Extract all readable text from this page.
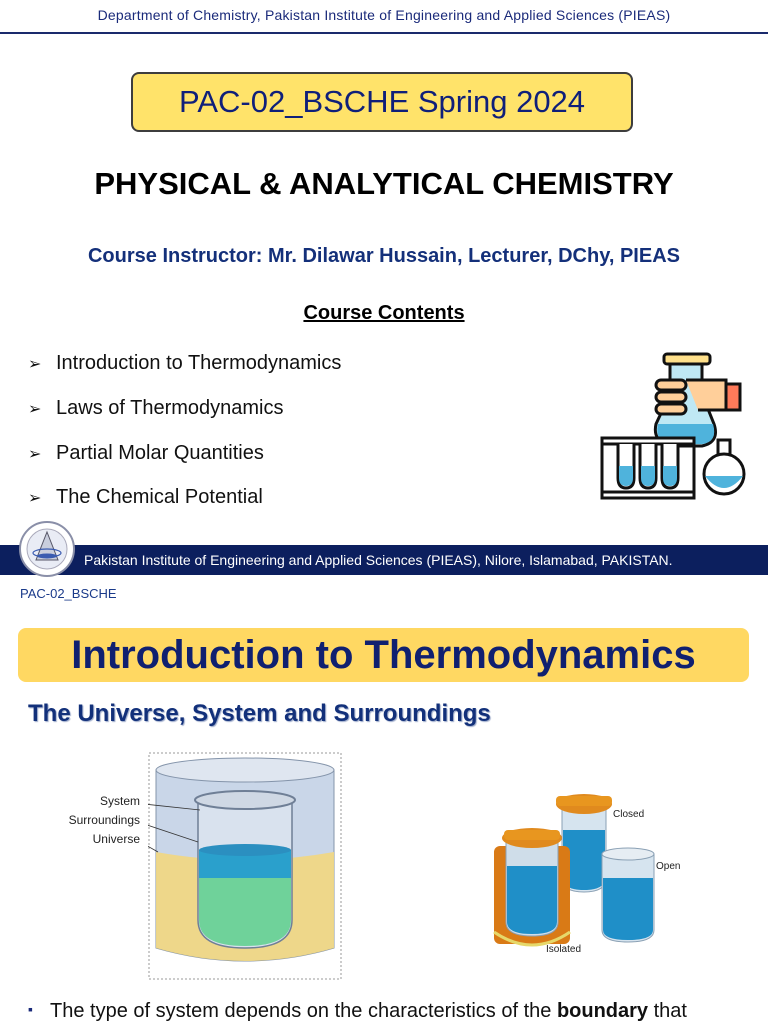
Department of Chemistry, Pakistan Institute of Engineering and Applied Sciences (PIEAS)
PAC-02_BSCHE Spring 2024
PHYSICAL & ANALYTICAL CHEMISTRY
Course Instructor: Mr. Dilawar Hussain, Lecturer, DChy, PIEAS
Course Contents
➢ Introduction to Thermodynamics
➢ Laws of Thermodynamics
➢ Partial Molar Quantities
➢ The Chemical Potential
Pakistan Institute of Engineering and Applied Sciences (PIEAS), Nilore, Islamabad, PAKISTAN.
PAC-02_BSCHE
Introduction to Thermodynamics
The Universe, System and Surroundings
System
Surroundings
Universe
Closed
Open
Isolated
▪ The type of system depends on the characteristics of the boundary that
